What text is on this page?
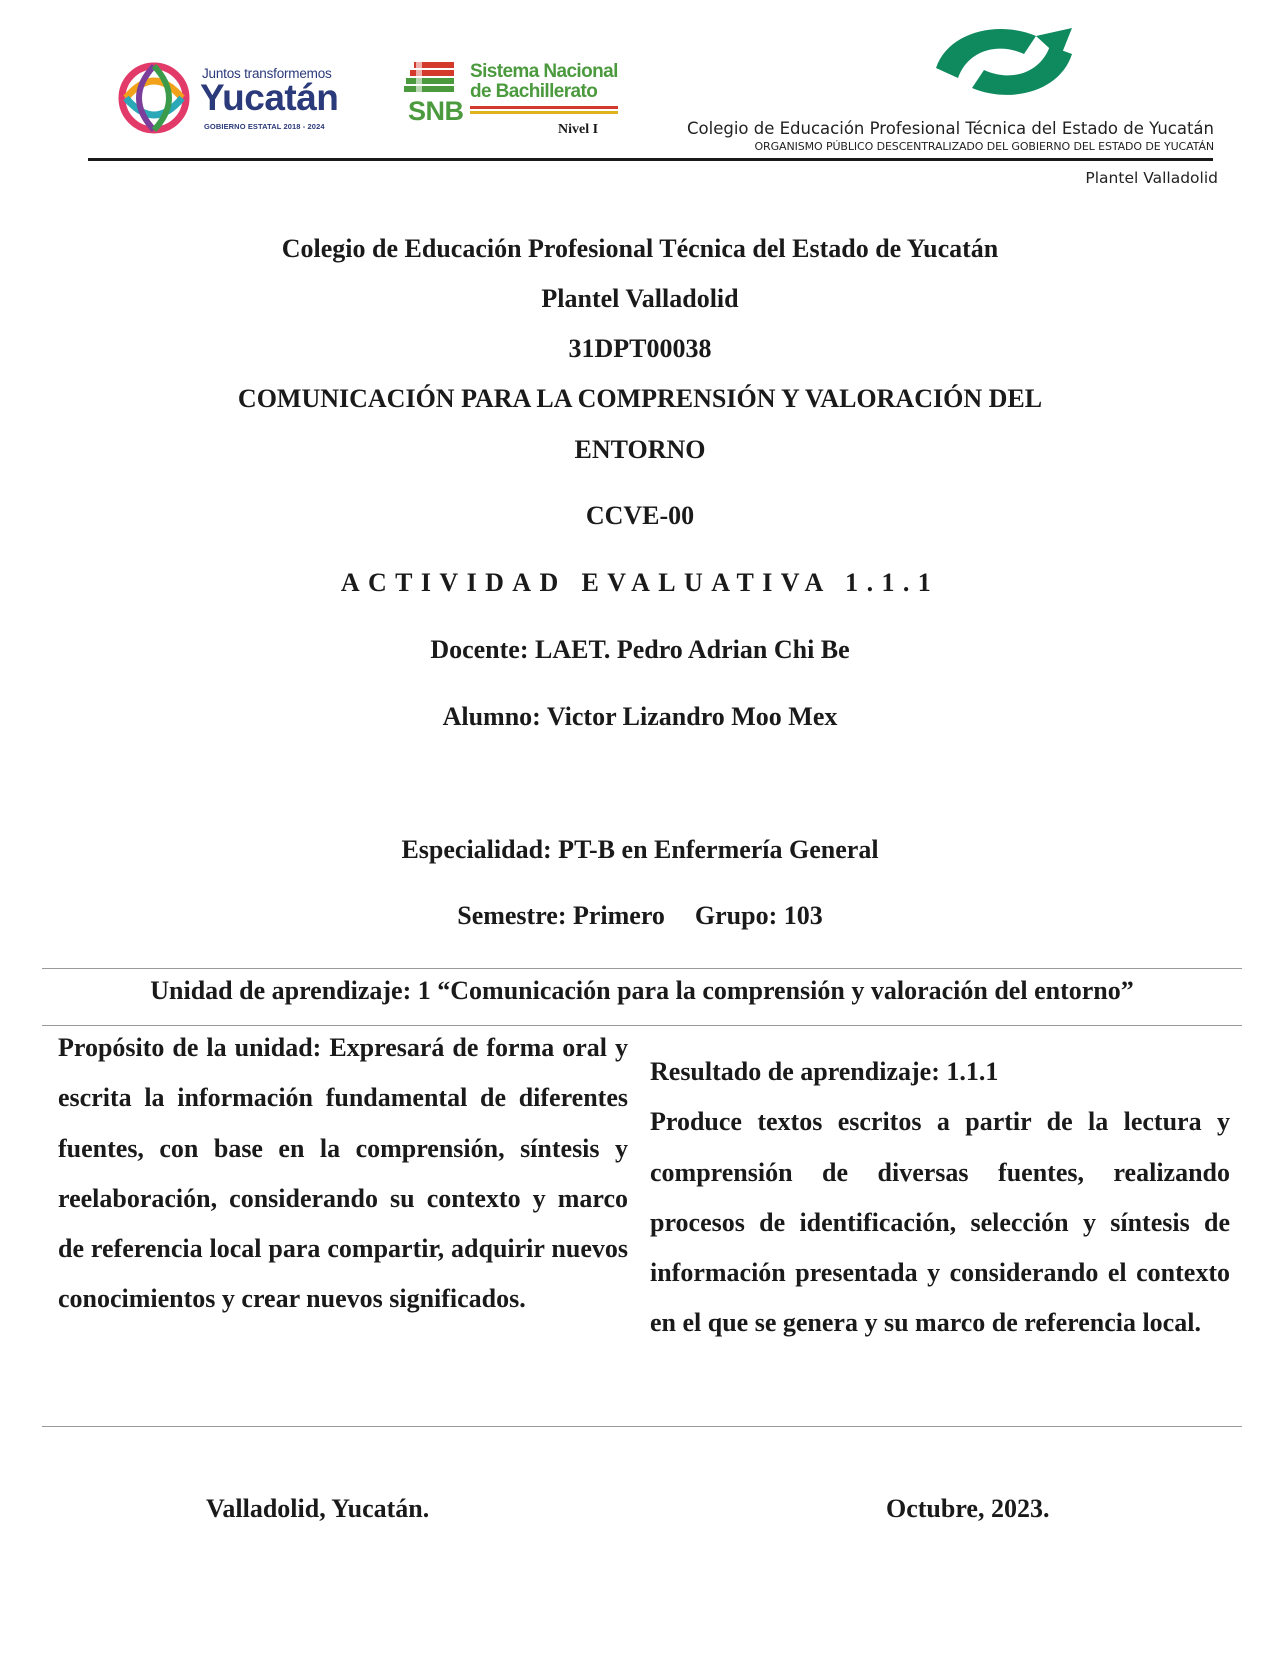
Juntos transformemos
Yucatán
GOBIERNO ESTATAL 2018 - 2024
Sistema Nacional
de Bachillerato
SNB
Nivel I	Colegio de Educación Profesional Técnica del Estado de Yucatán
ORGANISMO PÚBLICO DESCENTRALIZADO DEL GOBIERNO DEL ESTADO DE YUCATÁN
Plantel Valladolid
Colegio de Educación Profesional Técnica del Estado de Yucatán
Plantel Valladolid
31DPT00038
COMUNICACIÓN PARA LA COMPRENSIÓN Y VALORACIÓN DEL
ENTORNO
CCVE-00
ACTIVIDAD EVALUATIVA 1.1.1
Docente: LAET. Pedro Adrian Chi Be
Alumno: Victor Lizandro Moo Mex
Especialidad: PT-B en Enfermería General
Semestre: Primero Grupo: 103
Unidad de aprendizaje: 1 “Comunicación para la comprensión y valoración del entorno”
Propósito de la unidad: Expresará de forma oral y escrita la información fundamental de diferentes fuentes, con base en la comprensión, síntesis y reelaboración, considerando su contexto y marco de referencia local para compartir, adquirir nuevos conocimientos y crear nuevos significados.
Resultado de aprendizaje: 1.1.1
Produce textos escritos a partir de la lectura y comprensión de diversas fuentes, realizando procesos de identificación, selección y síntesis de información presentada y considerando el contexto en el que se genera y su marco de referencia local.
Valladolid, Yucatán.	Octubre, 2023.
